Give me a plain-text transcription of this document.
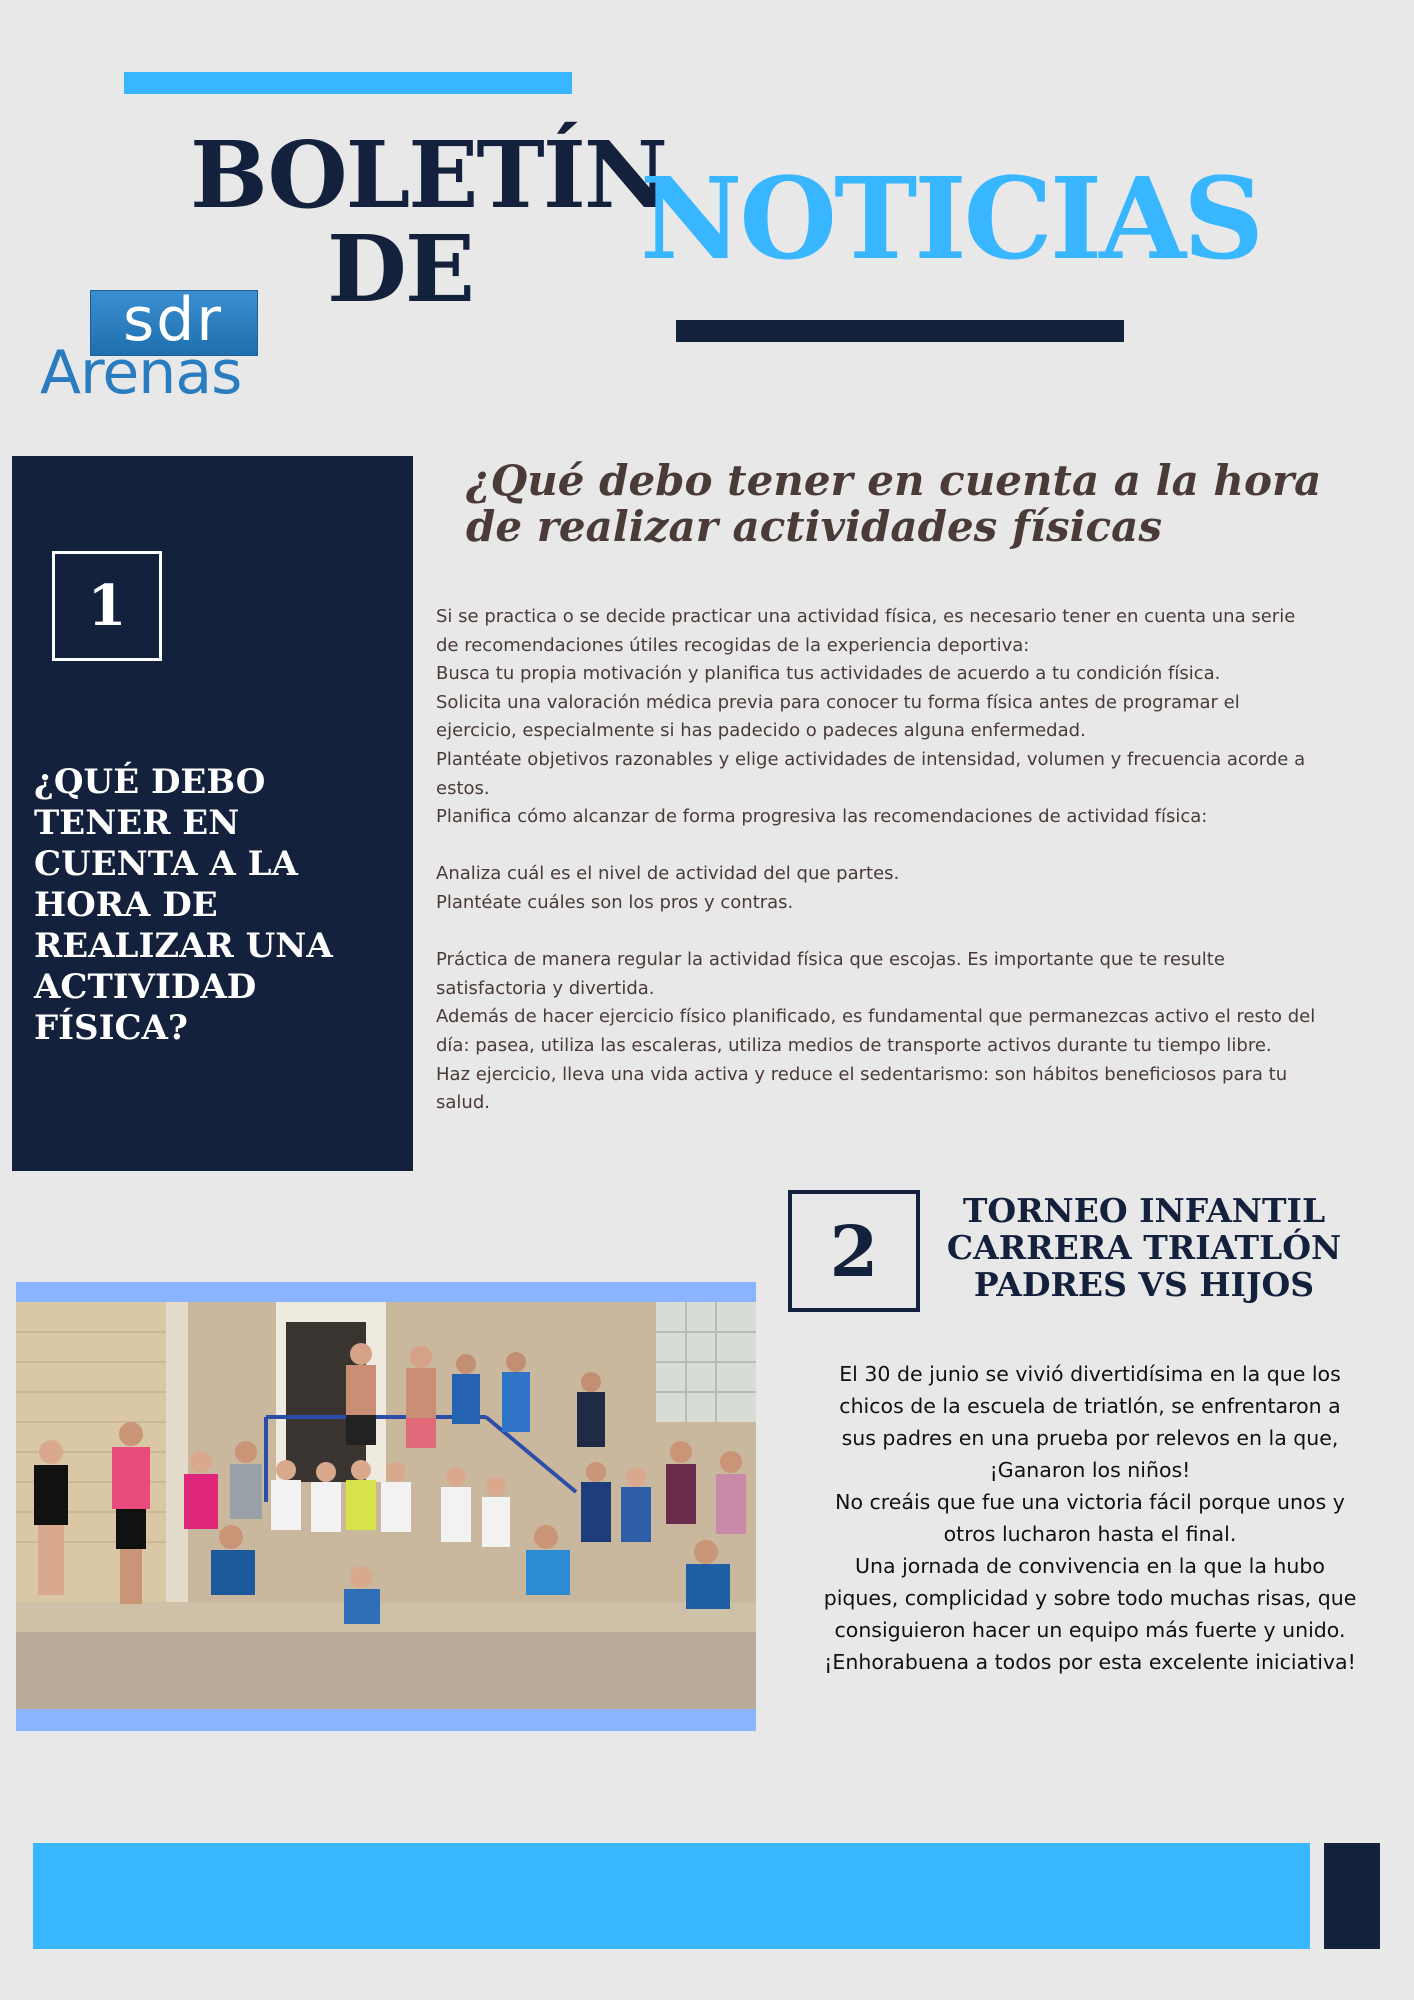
BOLETÍN DE	NOTICIAS
sdr
Arenas
1
¿QUÉ DEBO TENER EN CUENTA A LA HORA DE REALIZAR UNA ACTIVIDAD FÍSICA?
¿Qué debo tener en cuenta a la hora de realizar actividades físicas

Si se practica o se decide practicar una actividad física, es necesario tener en cuenta una serie de recomendaciones útiles recogidas de la experiencia deportiva:

Busca tu propia motivación y planifica tus actividades de acuerdo a tu condición física.

Solicita una valoración médica previa para conocer tu forma física antes de programar el ejercicio, especialmente si has padecido o padeces alguna enfermedad.

Plantéate objetivos razonables y elige actividades de intensidad, volumen y frecuencia acorde a estos.

Planifica cómo alcanzar de forma progresiva las recomendaciones de actividad física:

Analiza cuál es el nivel de actividad del que partes.

Plantéate cuáles son los pros y contras.

Práctica de manera regular la actividad física que escojas. Es importante que te resulte satisfactoria y divertida.

Además de hacer ejercicio físico planificado, es fundamental que permanezcas activo el resto del día: pasea, utiliza las escaleras, utiliza medios de transporte activos durante tu tiempo libre.

Haz ejercicio, lleva una vida activa y reduce el sedentarismo: son hábitos beneficiosos para tu salud.

2	TORNEO INFANTIL
CARRERA TRIATLÓN
PADRES VS HIJOS

El 30 de junio se vivió divertidísima en la que los chicos de la escuela de triatlón, se enfrentaron a sus padres en una prueba por relevos en la que, ¡Ganaron los niños!

No creáis que fue una victoria fácil porque unos y otros lucharon hasta el final.

Una jornada de convivencia en la que la hubo piques, complicidad y sobre todo muchas risas, que consiguieron hacer un equipo más fuerte y unido.

¡Enhorabuena a todos por esta excelente iniciativa!
